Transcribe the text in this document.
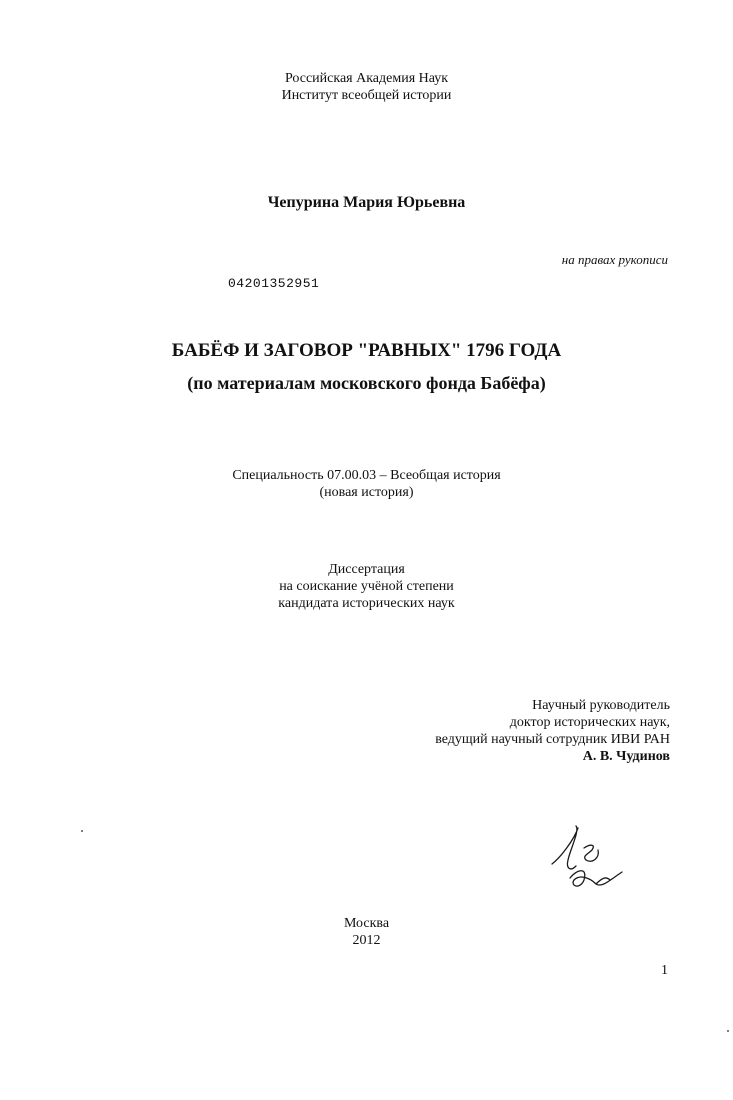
Российская Академия Наук
Институт всеобщей истории
Чепурина Мария Юрьевна
на правах рукописи
04201352951
БАБЁФ И ЗАГОВОР "РАВНЫХ" 1796 ГОДА
(по материалам московского фонда Бабёфа)
Специальность 07.00.03 – Всеобщая история
(новая история)
Диссертация
на соискание учёной степени
кандидата исторических наук
Научный руководитель
доктор исторических наук,
ведущий научный сотрудник ИВИ РАН
А. В. Чудинов
Москва
2012
1
